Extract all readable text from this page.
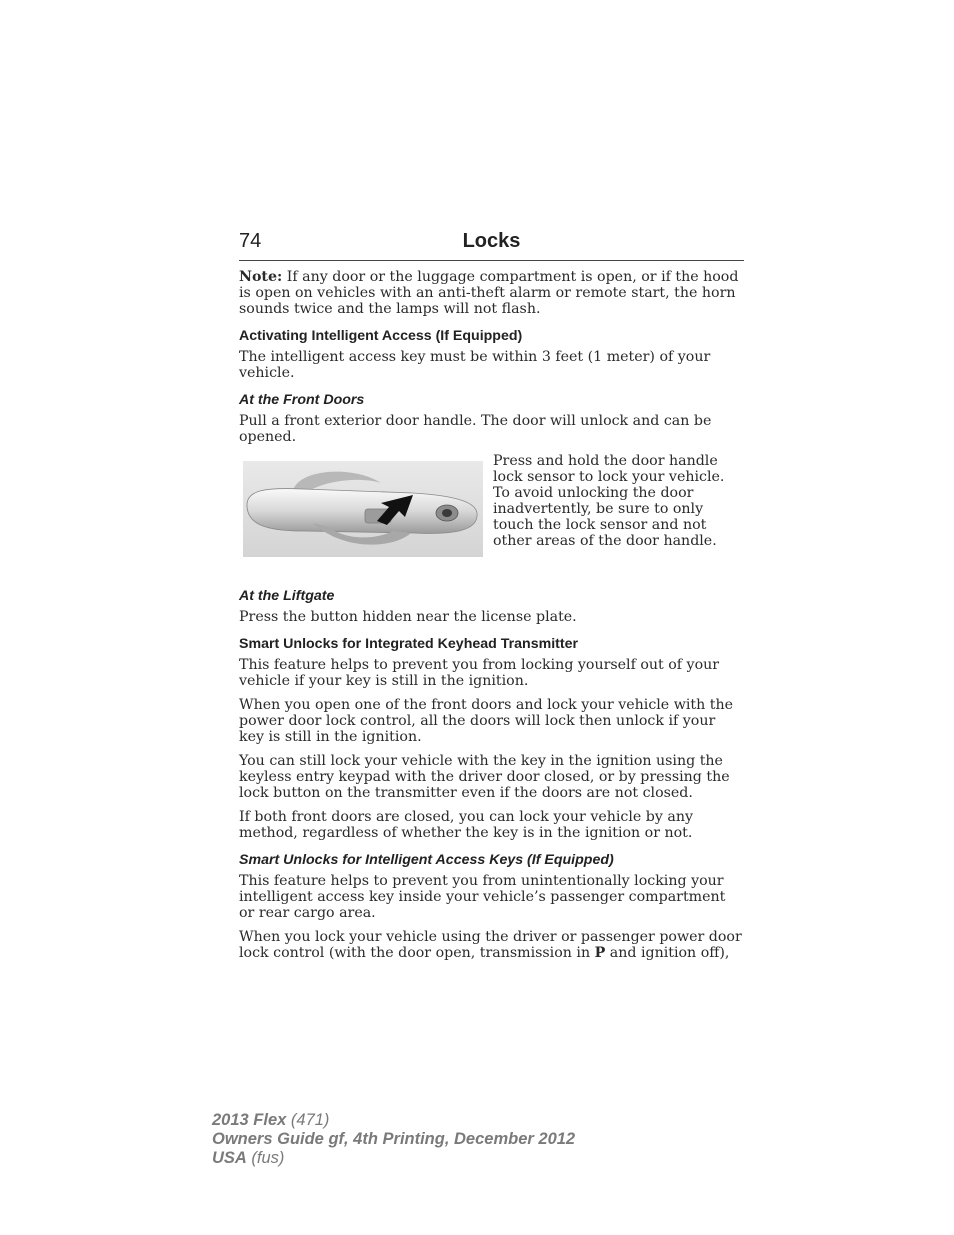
74	Locks

Note: If any door or the luggage compartment is open, or if the hood is open on vehicles with an anti-theft alarm or remote start, the horn sounds twice and the lamps will not flash.

Activating Intelligent Access (If Equipped)

The intelligent access key must be within 3 feet (1 meter) of your vehicle.

At the Front Doors

Pull a front exterior door handle. The door will unlock and can be opened.

Press and hold the door handle lock sensor to lock your vehicle. To avoid unlocking the door inadvertently, be sure to only touch the lock sensor and not other areas of the door handle.

At the Liftgate

Press the button hidden near the license plate.

Smart Unlocks for Integrated Keyhead Transmitter

This feature helps to prevent you from locking yourself out of your vehicle if your key is still in the ignition.

When you open one of the front doors and lock your vehicle with the power door lock control, all the doors will lock then unlock if your key is still in the ignition.

You can still lock your vehicle with the key in the ignition using the keyless entry keypad with the driver door closed, or by pressing the lock button on the transmitter even if the doors are not closed.

If both front doors are closed, you can lock your vehicle by any method, regardless of whether the key is in the ignition or not.

Smart Unlocks for Intelligent Access Keys (If Equipped)

This feature helps to prevent you from unintentionally locking your intelligent access key inside your vehicle’s passenger compartment or rear cargo area.

When you lock your vehicle using the driver or passenger power door lock control (with the door open, transmission in P and ignition off),

2013 Flex (471)
Owners Guide gf, 4th Printing, December 2012
USA (fus)
